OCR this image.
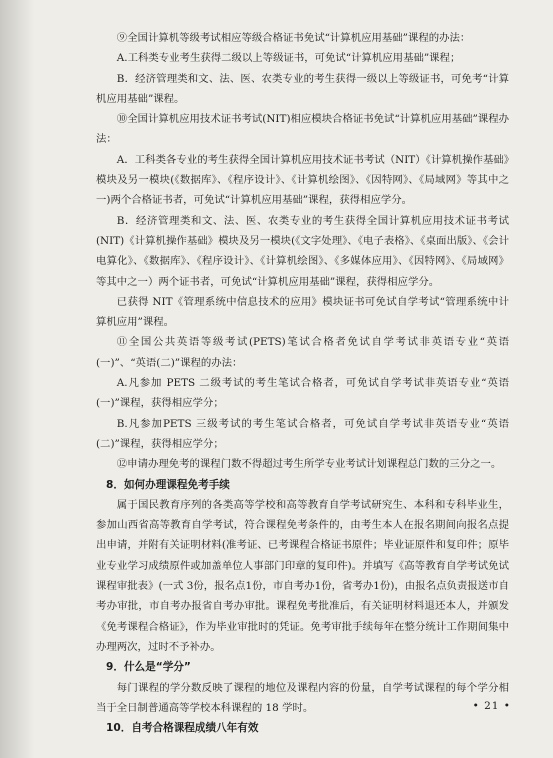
⑨全国计算机等级考试相应等级合格证书免试“计算机应用基础”课程的办法：

A.工科类专业考生获得二级以上等级证书，可免试“计算机应用基础”课程；

B．经济管理类和文、法、医、农类专业的考生获得一级以上等级证书，可免考“计算机应用基础”课程。

⑩全国计算机应用技术证书考试(NIT)相应模块合格证书免试“计算机应用基础”课程办法：

A．工科类各专业的考生获得全国计算机应用技术证书考试（NIT）《计算机操作基础》模块及另一模块(《数据库》、《程序设计》、《计算机绘图》、《因特网》、《局域网》等其中之一)两个合格证书者，可免试“计算机应用基础”课程，获得相应学分。

B．经济管理类和文、法、医、农类专业的考生获得全国计算机应用技术证书考试(NIT)《计算机操作基础》模块及另一模块(《文字处理》、《电子表格》、《桌面出版》、《会计电算化》、《数据库》、《程序设计》、《计算机绘图》、《多媒体应用》、《因特网》、《局域网》等其中之一）两个证书者，可免试“计算机应用基础”课程，获得相应学分。

已获得 NIT《管理系统中信息技术的应用》模块证书可免试自学考试“管理系统中计算机应用”课程。

⑪全国公共英语等级考试(PETS)笔试合格者免试自学考试非英语专业“英语(一)”、“英语(二)”课程的办法：

A.凡参加 PETS 二级考试的考生笔试合格者，可免试自学考试非英语专业“英语(一)”课程，获得相应学分；

B.凡参加PETS 三级考试的考生笔试合格者，可免试自学考试非英语专业“英语(二)”课程，获得相应学分；

⑫申请办理免考的课程门数不得超过考生所学专业考试计划课程总门数的三分之一。

8．如何办理课程免考手续

属于国民教育序列的各类高等学校和高等教育自学考试研究生、本科和专科毕业生，参加山西省高等教育自学考试，符合课程免考条件的，由考生本人在报名期间向报名点提出申请，并附有关证明材料(准考证、已考课程合格证书原件；毕业证原件和复印件；原毕业专业学习成绩原件或加盖单位人事部门印章的复印件)。并填写《高等教育自学考试免试课程审批表》(一式 3份，报名点1份，市自考办1份，省考办1份)，由报名点负责报送市自考办审批，市自考办报省自考办审批。课程免考批准后，有关证明材料退还本人，并颁发《免考课程合格证》，作为毕业审批时的凭证。免考审批手续每年在整分统计工作期间集中办理两次，过时不予补办。

9．什么是“学分”

每门课程的学分数反映了课程的地位及课程内容的份量，自学考试课程的每个学分相当于全日制普通高等学校本科课程的 18 学时。

10．自考合格课程成绩八年有效

• 21 •
